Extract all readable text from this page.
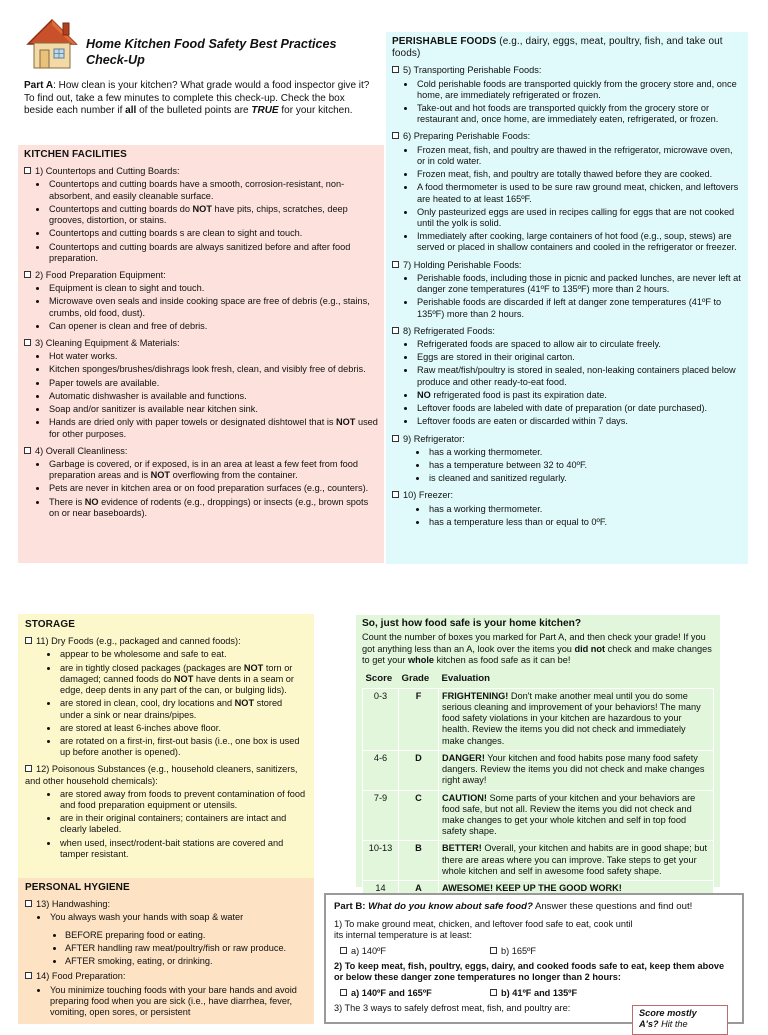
Home Kitchen Food Safety Best Practices Check-Up
Part A: How clean is your kitchen? What grade would a food inspector give it? To find out, take a few minutes to complete this check-up. Check the box beside each number if all of the bulleted points are TRUE for your kitchen.
KITCHEN FACILITIES
1) Countertops and Cutting Boards:
• Countertops and cutting boards have a smooth, corrosion-resistant, non-absorbent, and easily cleanable surface.
• Countertops and cutting boards do NOT have pits, chips, scratches, deep grooves, distortion, or stains.
• Countertops and cutting boards s are clean to sight and touch.
• Countertops and cutting boards are always sanitized before and after food preparation.
2) Food Preparation Equipment:
• Equipment is clean to sight and touch.
• Microwave oven seals and inside cooking space are free of debris (e.g., stains, crumbs, old food, dust).
• Can opener is clean and free of debris.
3) Cleaning Equipment & Materials:
• Hot water works.
• Kitchen sponges/brushes/dishrags look fresh, clean, and visibly free of debris.
• Paper towels are available.
• Automatic dishwasher is available and functions.
• Soap and/or sanitizer is available near kitchen sink.
• Hands are dried only with paper towels or designated dishtowel that is NOT used for other purposes.
4) Overall Cleanliness:
• Garbage is covered, or if exposed, is in an area at least a few feet from food preparation areas and is NOT overflowing from the container.
• Pets are never in kitchen area or on food preparation surfaces (e.g., counters).
• There is NO evidence of rodents (e.g., droppings) or insects (e.g., brown spots on or near baseboards).
PERISHABLE FOODS (e.g., dairy, eggs, meat, poultry, fish, and take out foods)
5) Transporting Perishable Foods:
• Cold perishable foods are transported quickly from the grocery store and, once home, are immediately refrigerated or frozen.
• Take-out and hot foods are transported quickly from the grocery store or restaurant and, once home, are immediately eaten, refrigerated, or frozen.
6) Preparing Perishable Foods:
• Frozen meat, fish, and poultry are thawed in the refrigerator, microwave oven, or in cold water.
• Frozen meat, fish, and poultry are totally thawed before they are cooked.
• A food thermometer is used to be sure raw ground meat, chicken, and leftovers are heated to at least 165ºF.
• Only pasteurized eggs are used in recipes calling for eggs that are not cooked until the yolk is solid.
• Immediately after cooking, large containers of hot food (e.g., soup, stews) are served or placed in shallow containers and cooled in the refrigerator or freezer.
7) Holding Perishable Foods:
• Perishable foods, including those in picnic and packed lunches, are never left at danger zone temperatures (41ºF to 135ºF) more than 2 hours.
• Perishable foods are discarded if left at danger zone temperatures (41ºF to 135ºF) more than 2 hours.
8) Refrigerated Foods:
• Refrigerated foods are spaced to allow air to circulate freely.
• Eggs are stored in their original carton.
• Raw meat/fish/poultry is stored in sealed, non-leaking containers placed below produce and other ready-to-eat food.
• NO refrigerated food is past its expiration date.
• Leftover foods are labeled with date of preparation (or date purchased).
• Leftover foods are eaten or discarded within 7 days.
9) Refrigerator:
• has a working thermometer.
• has a temperature between 32 to 40ºF.
• is cleaned and sanitized regularly.
10) Freezer:
• has a working thermometer.
• has a temperature less than or equal to 0ºF.
STORAGE
11) Dry Foods (e.g., packaged and canned foods):
• appear to be wholesome and safe to eat.
• are in tightly closed packages (packages are NOT torn or damaged; canned foods do NOT have dents in a seam or edge, deep dents in any part of the can, or bulging lids).
• are stored in clean, cool, dry locations and NOT stored under a sink or near drains/pipes.
• are stored at least 6-inches above floor.
• are rotated on a first-in, first-out basis (i.e., one box is used up before another is opened).
12) Poisonous Substances (e.g., household cleaners, sanitizers, and other household chemicals):
• are stored away from foods to prevent contamination of food and food preparation equipment or utensils.
• are in their original containers; containers are intact and clearly labeled.
• when used, insect/rodent-bait stations are covered and tamper resistant.
PERSONAL HYGIENE
13) Handwashing:
• You always wash your hands with soap & water
• BEFORE preparing food or eating.
• AFTER handling raw meat/poultry/fish or raw produce.
• AFTER smoking, eating, or drinking.
14) Food Preparation:
• You minimize touching foods with your bare hands and avoid preparing food when you are sick (i.e., have diarrhea, fever, vomiting, open sores, or persistent
So, just how food safe is your home kitchen?
Count the number of boxes you marked for Part A, and then check your grade! If you got anything less than an A, look over the items you did not check and make changes to get your whole kitchen as food safe as it can be!
Score	Grade	Evaluation
0-3	F	FRIGHTENING! Don't make another meal until you do some serious cleaning and improvement of your behaviors! The many food safety violations in your kitchen are hazardous to your health. Review the items you did not check and immediately make changes.
4-6	D	DANGER! Your kitchen and food habits pose many food safety dangers. Review the items you did not check and make changes right away!
7-9	C	CAUTION! Some parts of your kitchen and your behaviors are food safe, but not all. Review the items you did not check and make changes to get your whole kitchen and self in top food safety shape.
10-13	B	BETTER! Overall, your kitchen and habits are in good shape; but there are areas where you can improve. Take steps to get your whole kitchen and self in awesome food safety shape.
14	A	AWESOME! KEEP UP THE GOOD WORK!
Part B: What do you know about safe food? Answer these questions and find out!
1) To make ground meat, chicken, and leftover food safe to eat, cook until its internal temperature is at least:
a) 140ºF	b) 165ºF
2) To keep meat, fish, poultry, eggs, dairy, and cooked foods safe to eat, keep them above or below these danger zone temperatures no longer than 2 hours:
a) 140ºF and 165ºF	b) 41ºF and 135ºF
3) The 3 ways to safely defrost meat, fish, and poultry are:	Score mostly
A's? Hit the
